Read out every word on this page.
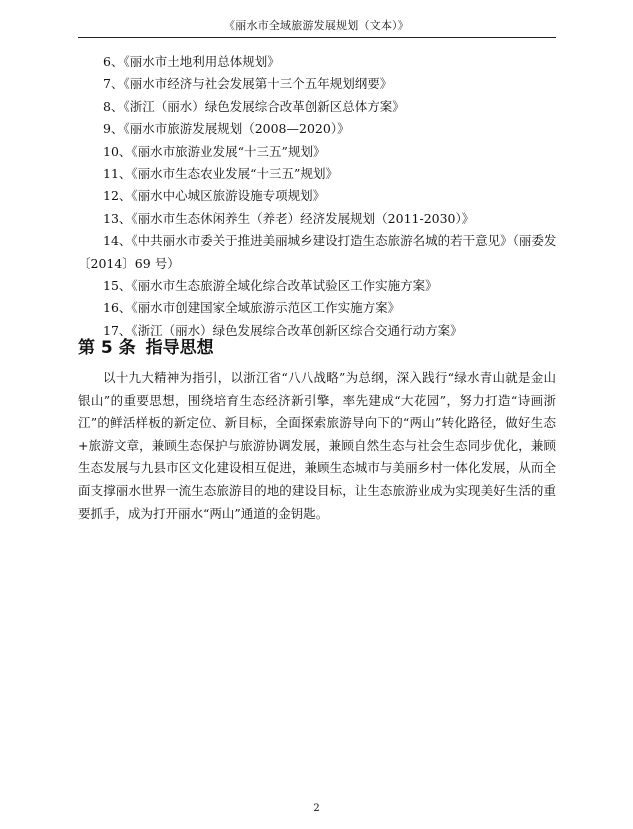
《丽水市全域旅游发展规划（文本）》
6、《丽水市土地利用总体规划》
7、《丽水市经济与社会发展第十三个五年规划纲要》
8、《浙江（丽水）绿色发展综合改革创新区总体方案》
9、《丽水市旅游发展规划（2008—2020）》
10、《丽水市旅游业发展“十三五”规划》
11、《丽水市生态农业发展“十三五”规划》
12、《丽水中心城区旅游设施专项规划》
13、《丽水市生态休闲养生（养老）经济发展规划（2011-2030）》
14、《中共丽水市委关于推进美丽城乡建设打造生态旅游名城的若干意见》（丽委发〔2014〕69 号）
15、《丽水市生态旅游全域化综合改革试验区工作实施方案》
16、《丽水市创建国家全域旅游示范区工作实施方案》
17、《浙江（丽水）绿色发展综合改革创新区综合交通行动方案》
第 5 条 指导思想

以十九大精神为指引，以浙江省“八八战略”为总纲，深入践行“绿水青山就是金山银山”的重要思想，围绕培育生态经济新引擎，率先建成“大花园”，努力打造“诗画浙江”的鲜活样板的新定位、新目标，全面探索旅游导向下的“两山”转化路径，做好生态+旅游文章，兼顾生态保护与旅游协调发展，兼顾自然生态与社会生态同步优化，兼顾生态发展与九县市区文化建设相互促进，兼顾生态城市与美丽乡村一体化发展，从而全面支撑丽水世界一流生态旅游目的地的建设目标，让生态旅游业成为实现美好生活的重要抓手，成为打开丽水“两山”通道的金钥匙。

2
